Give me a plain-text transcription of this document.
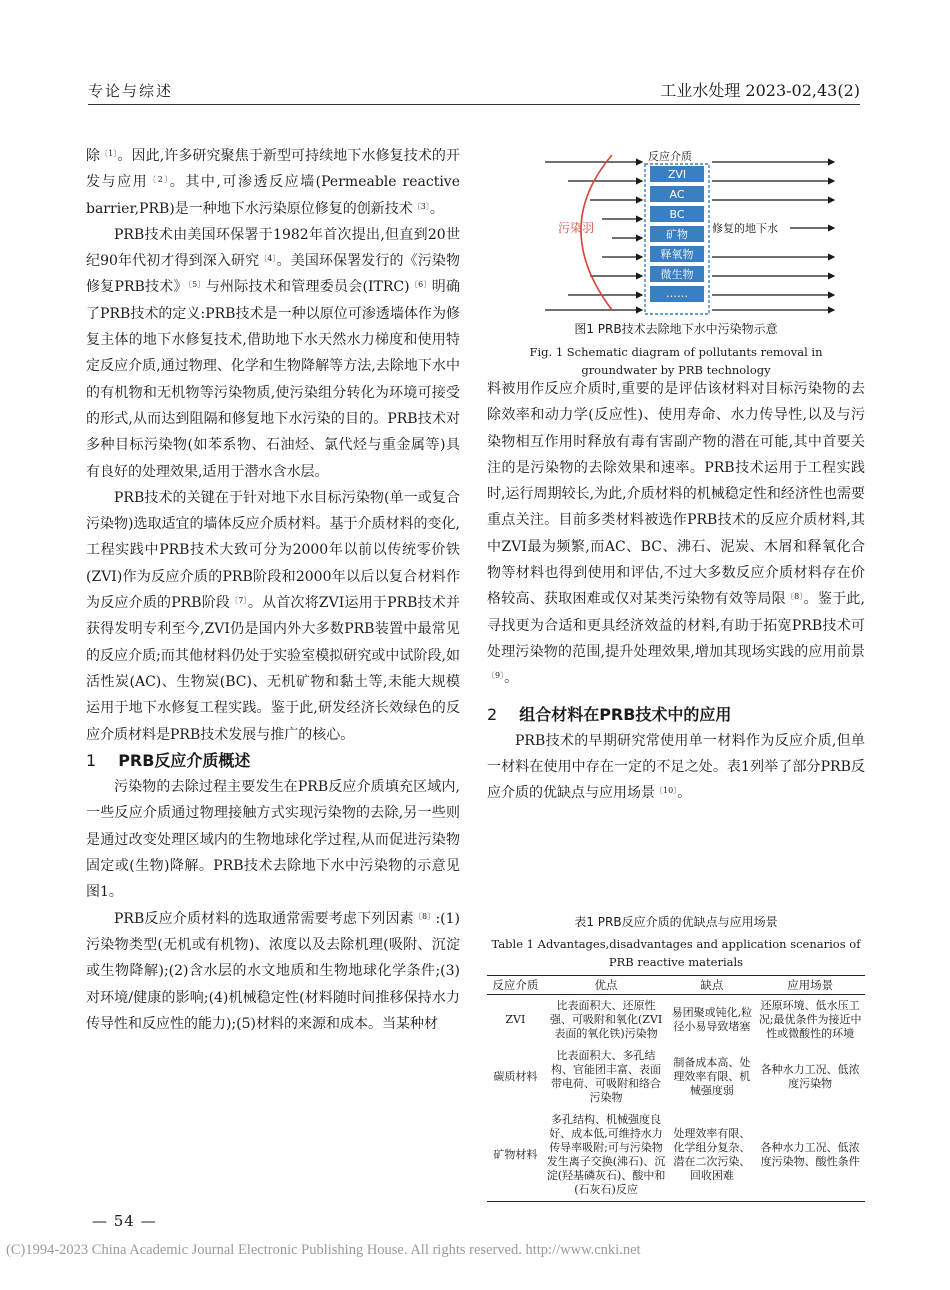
专论与综述	工业水处理 2023-02,43(2)

除$^{〔1〕}$。因此,许多研究聚焦于新型可持续地下水修复技术的开发与应用$^{〔2〕}$。其中,可渗透反应墙(Permeable reactive barrier,PRB)是一种地下水污染原位修复的创新技术$^{〔3〕}$。

PRB技术由美国环保署于1982年首次提出,但直到20世纪90年代初才得到深入研究$^{〔4〕}$。美国环保署发行的《污染物修复PRB技术》$^{〔5〕}$与州际技术和管理委员会(ITRC)$^{〔6〕}$明确了PRB技术的定义:PRB技术是一种以原位可渗透墙体作为修复主体的地下水修复技术,借助地下水天然水力梯度和使用特定反应介质,通过物理、化学和生物降解等方法,去除地下水中的有机物和无机物等污染物质,使污染组分转化为环境可接受的形式,从而达到阻隔和修复地下水污染的目的。PRB技术对多种目标污染物(如苯系物、石油烃、氯代烃与重金属等)具有良好的处理效果,适用于潜水含水层。

PRB技术的关键在于针对地下水目标污染物(单一或复合污染物)选取适宜的墙体反应介质材料。基于介质材料的变化,工程实践中PRB技术大致可分为2000年以前以传统零价铁(ZVI)作为反应介质的PRB阶段和2000年以后以复合材料作为反应介质的PRB阶段$^{〔7〕}$。从首次将ZVI运用于PRB技术并获得发明专利至今,ZVI仍是国内外大多数PRB装置中最常见的反应介质;而其他材料仍处于实验室模拟研究或中试阶段,如活性炭(AC)、生物炭(BC)、无机矿物和黏土等,未能大规模运用于地下水修复工程实践。鉴于此,研发经济长效绿色的反应介质材料是PRB技术发展与推广的核心。

1 PRB反应介质概述

污染物的去除过程主要发生在PRB反应介质填充区域内,一些反应介质通过物理接触方式实现污染物的去除,另一些则是通过改变处理区域内的生物地球化学过程,从而促进污染物固定或(生物)降解。PRB技术去除地下水中污染物的示意见图1。

PRB反应介质材料的选取通常需要考虑下列因素$^{〔8〕}$:(1)污染物类型(无机或有机物)、浓度以及去除机理(吸附、沉淀或生物降解);(2)含水层的水文地质和生物地球化学条件;(3)对环境/健康的影响;(4)机械稳定性(材料随时间推移保持水力传导性和反应性的能力);(5)材料的来源和成本。当某种材

污染羽
反应介质
ZVI
AC
BC
矿物
释氧物
微生物
……
修复的地下水
图1 PRB技术去除地下水中污染物示意
Fig. 1 Schematic diagram of pollutants removal in
groundwater by PRB technology

料被用作反应介质时,重要的是评估该材料对目标污染物的去除效率和动力学(反应性)、使用寿命、水力传导性,以及与污染物相互作用时释放有毒有害副产物的潜在可能,其中首要关注的是污染物的去除效果和速率。PRB技术运用于工程实践时,运行周期较长,为此,介质材料的机械稳定性和经济性也需要重点关注。目前多类材料被选作PRB技术的反应介质材料,其中ZVI最为频繁,而AC、BC、沸石、泥炭、木屑和释氧化合物等材料也得到使用和评估,不过大多数反应介质材料存在价格较高、获取困难或仅对某类污染物有效等局限$^{〔8〕}$。鉴于此,寻找更为合适和更具经济效益的材料,有助于拓宽PRB技术可处理污染物的范围,提升处理效果,增加其现场实践的应用前景$^{〔9〕}$。

2 组合材料在PRB技术中的应用

PRB技术的早期研究常使用单一材料作为反应介质,但单一材料在使用中存在一定的不足之处。表1列举了部分PRB反应介质的优缺点与应用场景$^{〔10〕}$。

表1 PRB反应介质的优缺点与应用场景
Table 1 Advantages,disadvantages and application scenarios of
PRB reactive materials
反应介质	优点	缺点	应用场景
ZVI	比表面积大、还原性强、可吸附和氧化(ZVI表面的氧化铁)污染物	易团聚或钝化,粒径小易导致堵塞	还原环境、低水压工况;最优条件为接近中性或微酸性的环境
碳质材料	比表面积大、多孔结构、官能团丰富、表面带电荷、可吸附和络合污染物	制备成本高、处理效率有限、机械强度弱	各种水力工况、低浓度污染物
矿物材料	多孔结构、机械强度良好、成本低,可维持水力传导率吸附;可与污染物发生离子交换(沸石)、沉淀(羟基磷灰石)、酸中和(石灰石)反应	处理效率有限、化学组分复杂、潜在二次污染、回收困难	各种水力工况、低浓度污染物、酸性条件
— 54 —
(C)1994-2023 China Academic Journal Electronic Publishing House. All rights reserved. http://www.cnki.net
